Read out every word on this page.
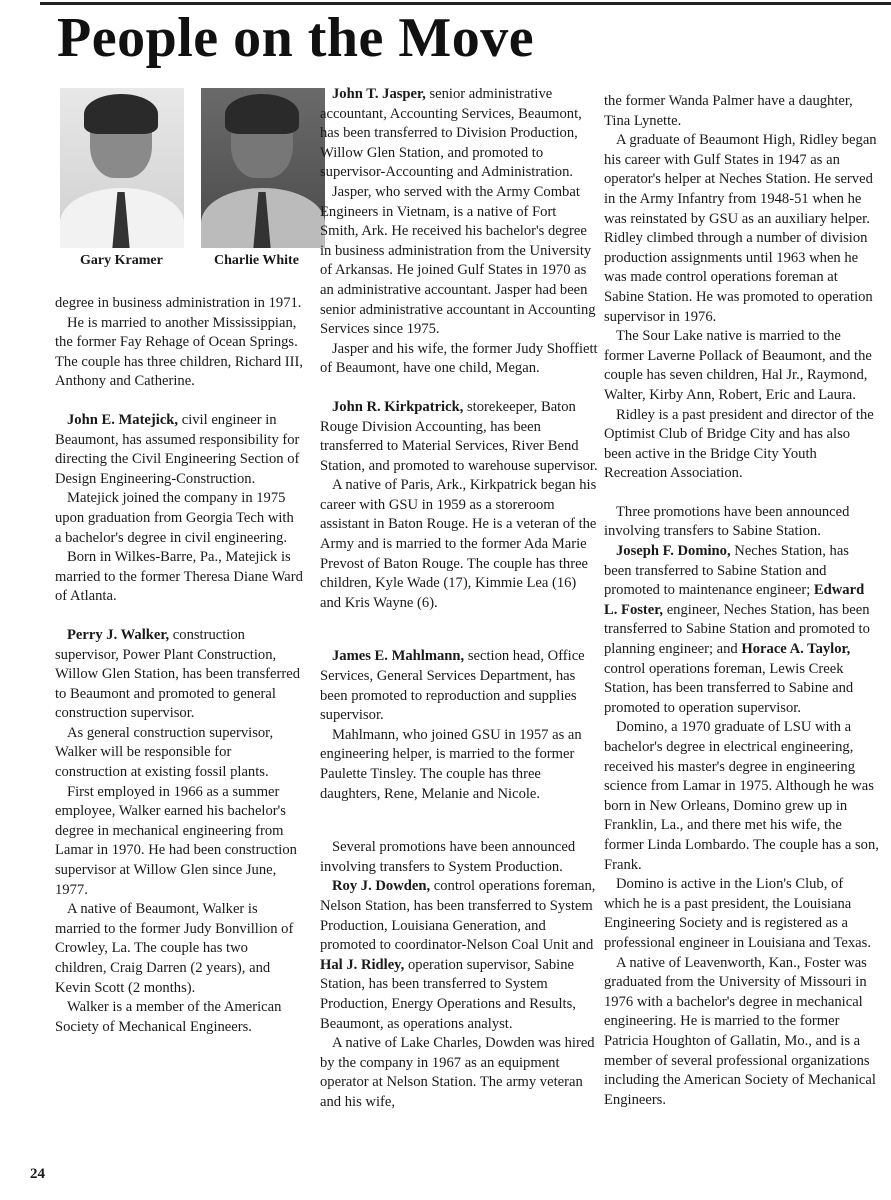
People on the Move
Gary Kramer	Charlie White

degree in business administration in 1971.

He is married to another Mississippian, the former Fay Rehage of Ocean Springs. The couple has three children, Richard III, Anthony and Catherine.

John E. Matejick, civil engineer in Beaumont, has assumed responsibility for directing the Civil Engineering Section of Design Engineering-Construction.

Matejick joined the company in 1975 upon graduation from Georgia Tech with a bachelor's degree in civil engineering.

Born in Wilkes-Barre, Pa., Matejick is married to the former Theresa Diane Ward of Atlanta.

Perry J. Walker, construction supervisor, Power Plant Construction, Willow Glen Station, has been transferred to Beaumont and promoted to general construction supervisor.

As general construction supervisor, Walker will be responsible for construction at existing fossil plants.

First employed in 1966 as a summer employee, Walker earned his bachelor's degree in mechanical engineering from Lamar in 1970. He had been construction supervisor at Willow Glen since June, 1977.

A native of Beaumont, Walker is married to the former Judy Bonvillion of Crowley, La. The couple has two children, Craig Darren (2 years), and Kevin Scott (2 months).

Walker is a member of the American Society of Mechanical Engineers.

John T. Jasper, senior administrative accountant, Accounting Services, Beaumont, has been transferred to Division Production, Willow Glen Station, and promoted to supervisor-Accounting and Administration.

Jasper, who served with the Army Combat Engineers in Vietnam, is a native of Fort Smith, Ark. He received his bachelor's degree in business administration from the University of Arkansas. He joined Gulf States in 1970 as an administrative accountant. Jasper had been senior administrative accountant in Accounting Services since 1975.

Jasper and his wife, the former Judy Shoffiett of Beaumont, have one child, Megan.

John R. Kirkpatrick, storekeeper, Baton Rouge Division Accounting, has been transferred to Material Services, River Bend Station, and promoted to warehouse supervisor.

A native of Paris, Ark., Kirkpatrick began his career with GSU in 1959 as a storeroom assistant in Baton Rouge. He is a veteran of the Army and is married to the former Ada Marie Prevost of Baton Rouge. The couple has three children, Kyle Wade (17), Kimmie Lea (16) and Kris Wayne (6).

James E. Mahlmann, section head, Office Services, General Services Department, has been promoted to reproduction and supplies supervisor.

Mahlmann, who joined GSU in 1957 as an engineering helper, is married to the former Paulette Tinsley. The couple has three daughters, Rene, Melanie and Nicole.

Several promotions have been announced involving transfers to System Production.

Roy J. Dowden, control operations foreman, Nelson Station, has been transferred to System Production, Louisiana Generation, and promoted to coordinator-Nelson Coal Unit and Hal J. Ridley, operation supervisor, Sabine Station, has been transferred to System Production, Energy Operations and Results, Beaumont, as operations analyst.

A native of Lake Charles, Dowden was hired by the company in 1967 as an equipment operator at Nelson Station. The army veteran and his wife,

the former Wanda Palmer have a daughter, Tina Lynette.

A graduate of Beaumont High, Ridley began his career with Gulf States in 1947 as an operator's helper at Neches Station. He served in the Army Infantry from 1948-51 when he was reinstated by GSU as an auxiliary helper. Ridley climbed through a number of division production assignments until 1963 when he was made control operations foreman at Sabine Station. He was promoted to operation supervisor in 1976.

The Sour Lake native is married to the former Laverne Pollack of Beaumont, and the couple has seven children, Hal Jr., Raymond, Walter, Kirby Ann, Robert, Eric and Laura.

Ridley is a past president and director of the Optimist Club of Bridge City and has also been active in the Bridge City Youth Recreation Association.

Three promotions have been announced involving transfers to Sabine Station.

Joseph F. Domino, Neches Station, has been transferred to Sabine Station and promoted to maintenance engineer; Edward L. Foster, engineer, Neches Station, has been transferred to Sabine Station and promoted to planning engineer; and Horace A. Taylor, control operations foreman, Lewis Creek Station, has been transferred to Sabine and promoted to operation supervisor.

Domino, a 1970 graduate of LSU with a bachelor's degree in electrical engineering, received his master's degree in engineering science from Lamar in 1975. Although he was born in New Orleans, Domino grew up in Franklin, La., and there met his wife, the former Linda Lombardo. The couple has a son, Frank.

Domino is active in the Lion's Club, of which he is a past president, the Louisiana Engineering Society and is registered as a professional engineer in Louisiana and Texas.

A native of Leavenworth, Kan., Foster was graduated from the University of Missouri in 1976 with a bachelor's degree in mechanical engineering. He is married to the former Patricia Houghton of Gallatin, Mo., and is a member of several professional organizations including the American Society of Mechanical Engineers.

24
